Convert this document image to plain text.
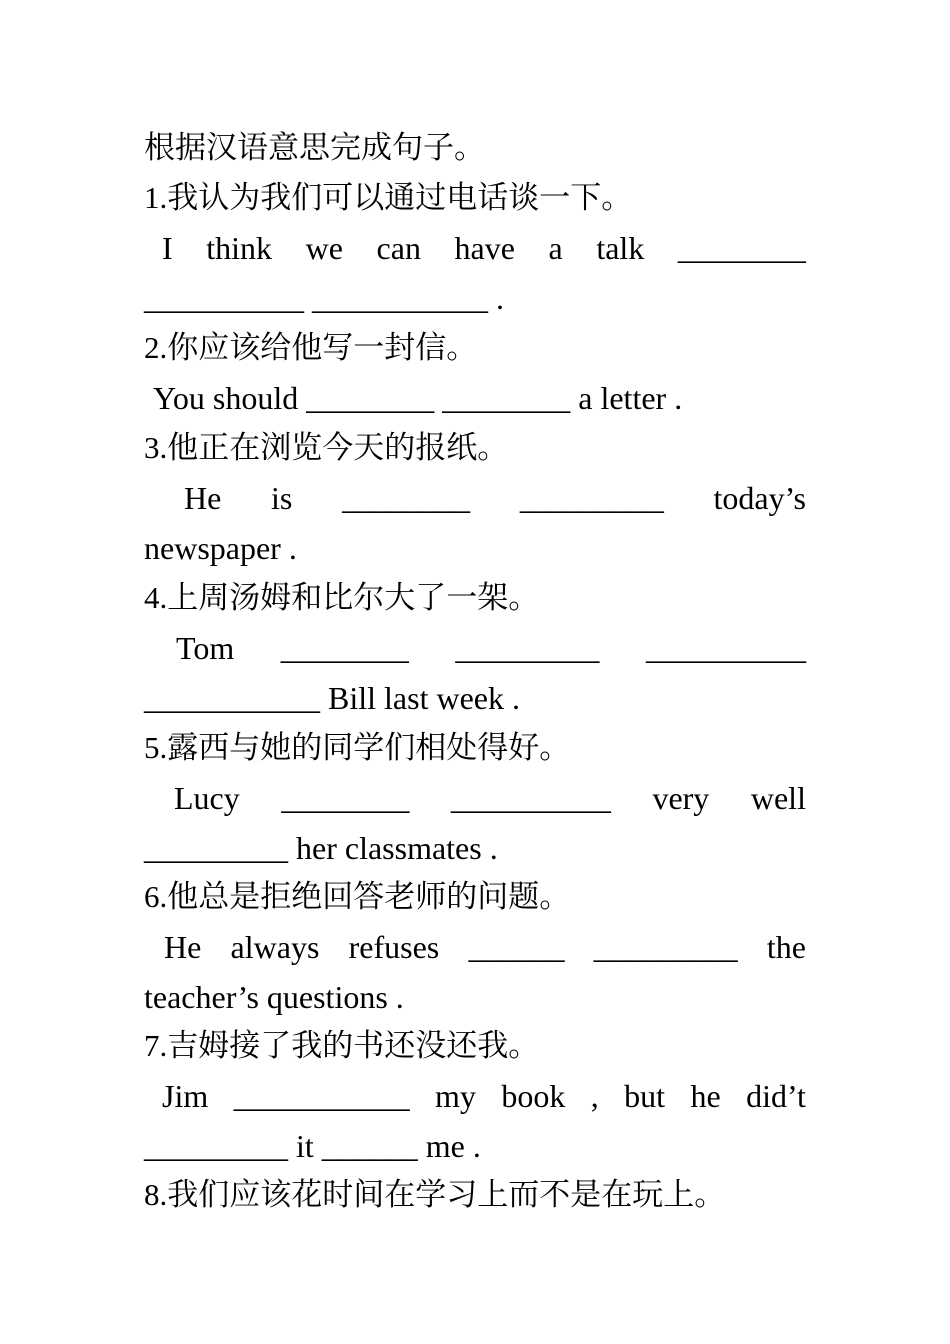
根据汉语意思完成句子。
1.我认为我们可以通过电话谈一下。
I think we can have a talk ________
__________ ___________ .
2.你应该给他写一封信。
You should ________ ________ a letter .
3.他正在浏览今天的报纸。
He is ________ _________ today’s
newspaper .
4.上周汤姆和比尔大了一架。
Tom ________ _________ __________
___________ Bill last week .
5.露西与她的同学们相处得好。
Lucy ________ __________ very well
_________ her classmates .
6.他总是拒绝回答老师的问题。
He always refuses ______ _________ the
teacher’s questions .
7.吉姆接了我的书还没还我。
Jim ___________ my book , but he did’t
_________ it ______ me .
8.我们应该花时间在学习上而不是在玩上。
